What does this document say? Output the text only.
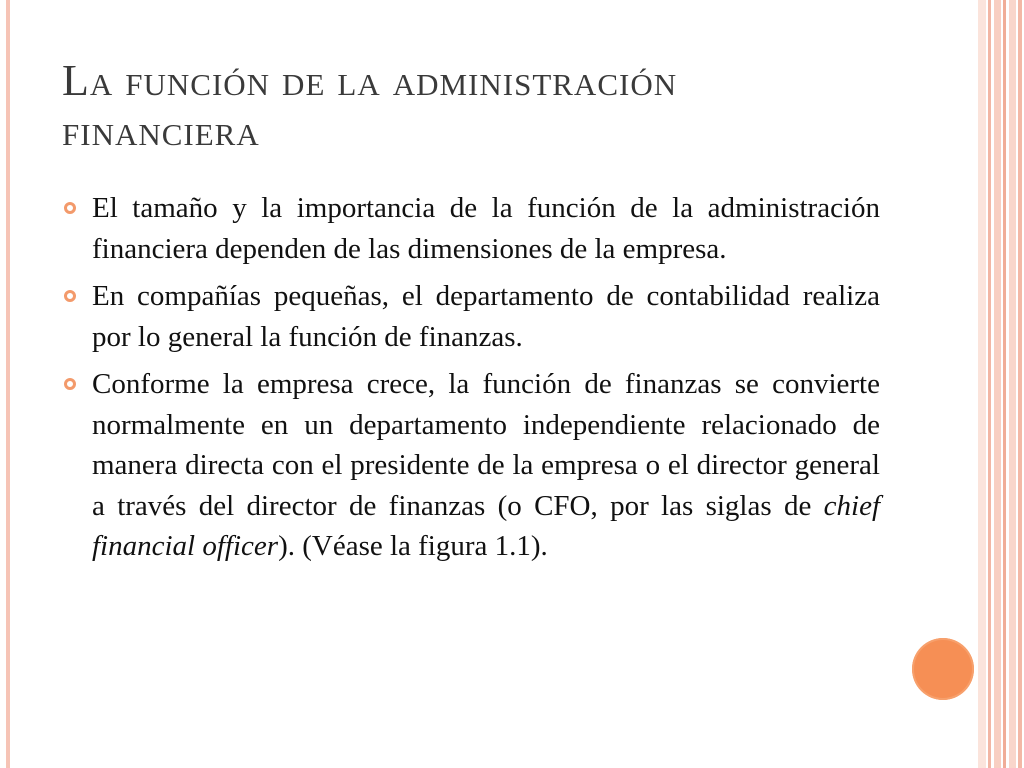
La función de la administración financiera
El tamaño y la importancia de la función de la administración financiera dependen de las dimensiones de la empresa.
En compañías pequeñas, el departamento de contabilidad realiza por lo general la función de finanzas.
Conforme la empresa crece, la función de finanzas se convierte normalmente en un departamento independiente relacionado de manera directa con el presidente de la empresa o el director general a través del director de finanzas (o CFO, por las siglas de chief financial officer). (Véase la figura 1.1).
